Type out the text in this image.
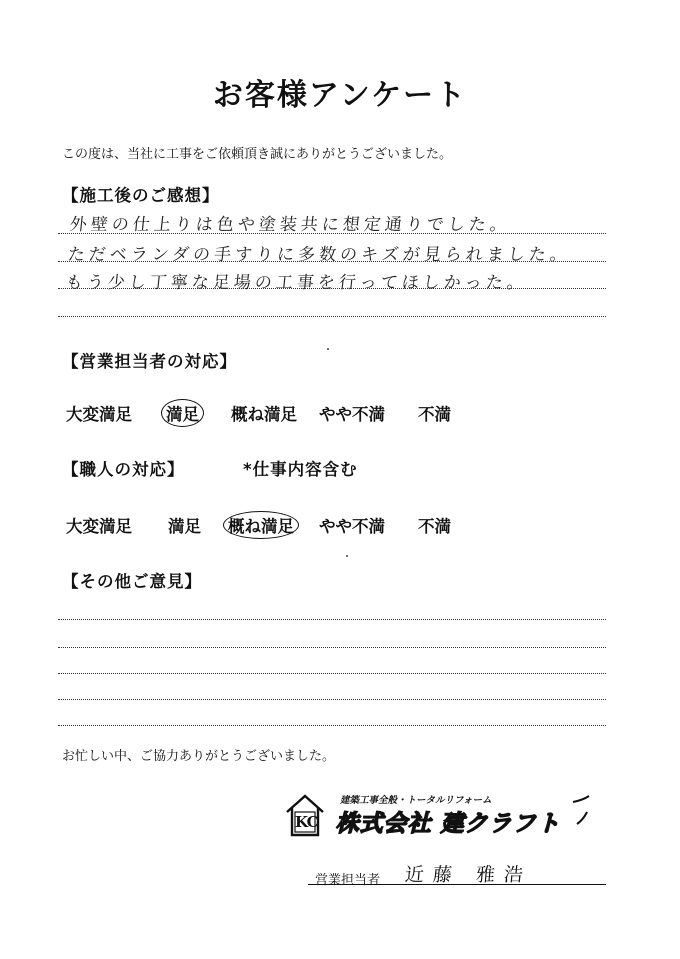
お客様アンケート
この度は、当社に工事をご依頼頂き誠にありがとうございました。
【施工後のご感想】
外壁の仕上りは色や塗装共に想定通りでした。
ただベランダの手すりに多数のキズが見られました。
もう少し丁寧な足場の工事を行ってほしかった。
【営業担当者の対応】
大変満足	満足	概ね満足 やや不満 不満
【職人の対応】	*仕事内容含む
大変満足 満足	概ね満足	やや不満 不満
【その他ご意見】
お忙しい中、ご協力ありがとうございました。
KC
建築工事全般・トータルリフォーム
株式会社 建クラフト
営業担当者 近藤 雅浩
